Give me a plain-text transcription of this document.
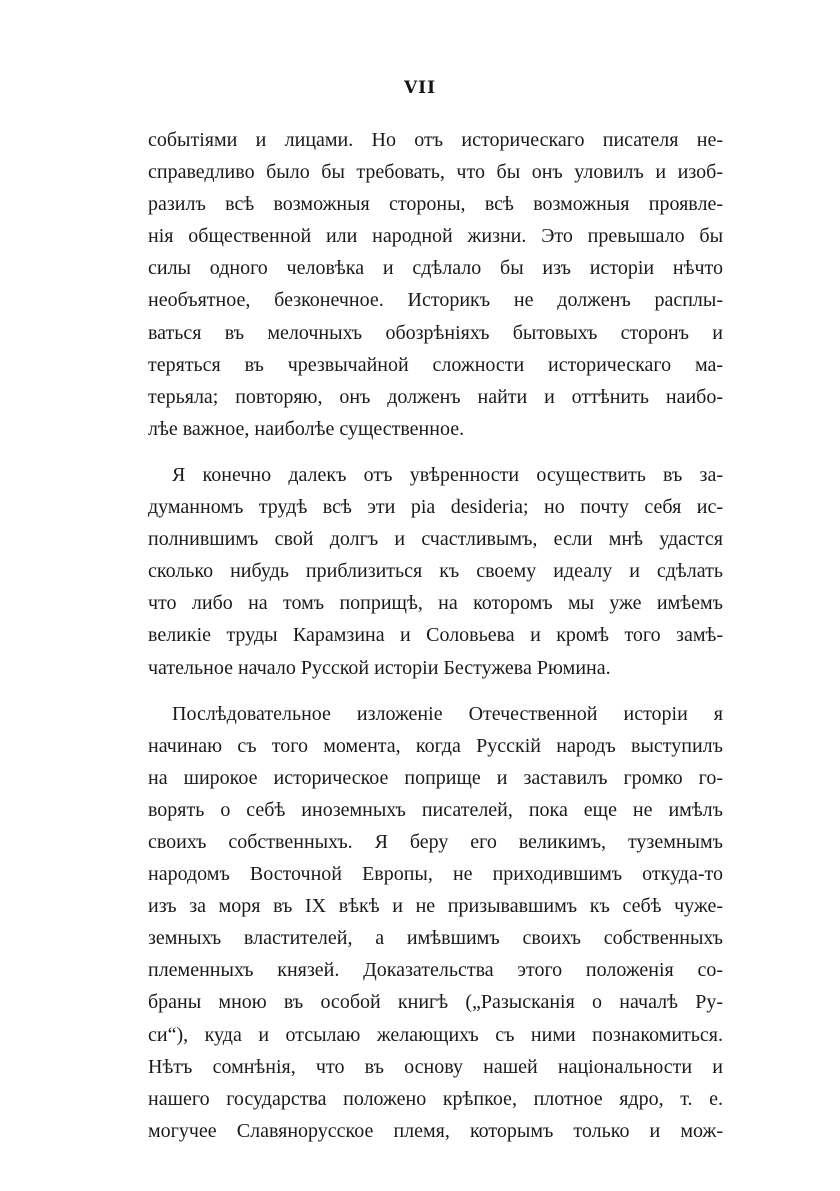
VII
событіями и лицами. Но отъ историческаго писателя не-
справедливо было бы требовать, что бы онъ уловилъ и изоб-
разилъ всѣ возможныя стороны, всѣ возможныя проявле-
нія общественной или народной жизни. Это превышало бы
силы одного человѣка и сдѣлало бы изъ исторіи нѣчто
необъятное, безконечное. Историкъ не долженъ расплы-
ваться въ мелочныхъ обозрѣніяхъ бытовыхъ сторонъ и
теряться въ чрезвычайной сложности историческаго ма-
терьяла; повторяю, онъ долженъ найти и оттѣнить наибо-
лѣе важное, наиболѣе существенное.
Я конечно далекъ отъ увѣренности осуществить въ за-
думанномъ трудѣ всѣ эти pia desideria; но почту себя ис-
полнившимъ свой долгъ и счастливымъ, если мнѣ удастся
сколько нибудь приблизиться къ своему идеалу и сдѣлать
что либо на томъ поприщѣ, на которомъ мы уже имѣемъ
великіе труды Карамзина и Соловьева и кромѣ того замѣ-
чательное начало Русской исторіи Бестужева Рюмина.
Послѣдовательное изложеніе Отечественной исторіи я
начинаю съ того момента, когда Русскій народъ выступилъ
на широкое историческое поприще и заставилъ громко го-
ворять о себѣ иноземныхъ писателей, пока еще не имѣлъ
своихъ собственныхъ. Я беру его великимъ, туземнымъ
народомъ Восточной Европы, не приходившимъ откуда-то
изъ за моря въ IX вѣкѣ и не призывавшимъ къ себѣ чуже-
земныхъ властителей, а имѣвшимъ своихъ собственныхъ
племенныхъ князей. Доказательства этого положенія со-
браны мною въ особой книгѣ („Разысканія о началѣ Ру-
си“), куда и отсылаю желающихъ съ ними познакомиться.
Нѣтъ сомнѣнія, что въ основу нашей національности и
нашего государства положено крѣпкое, плотное ядро, т. е.
могучее Славянорусское племя, которымъ только и мож-
